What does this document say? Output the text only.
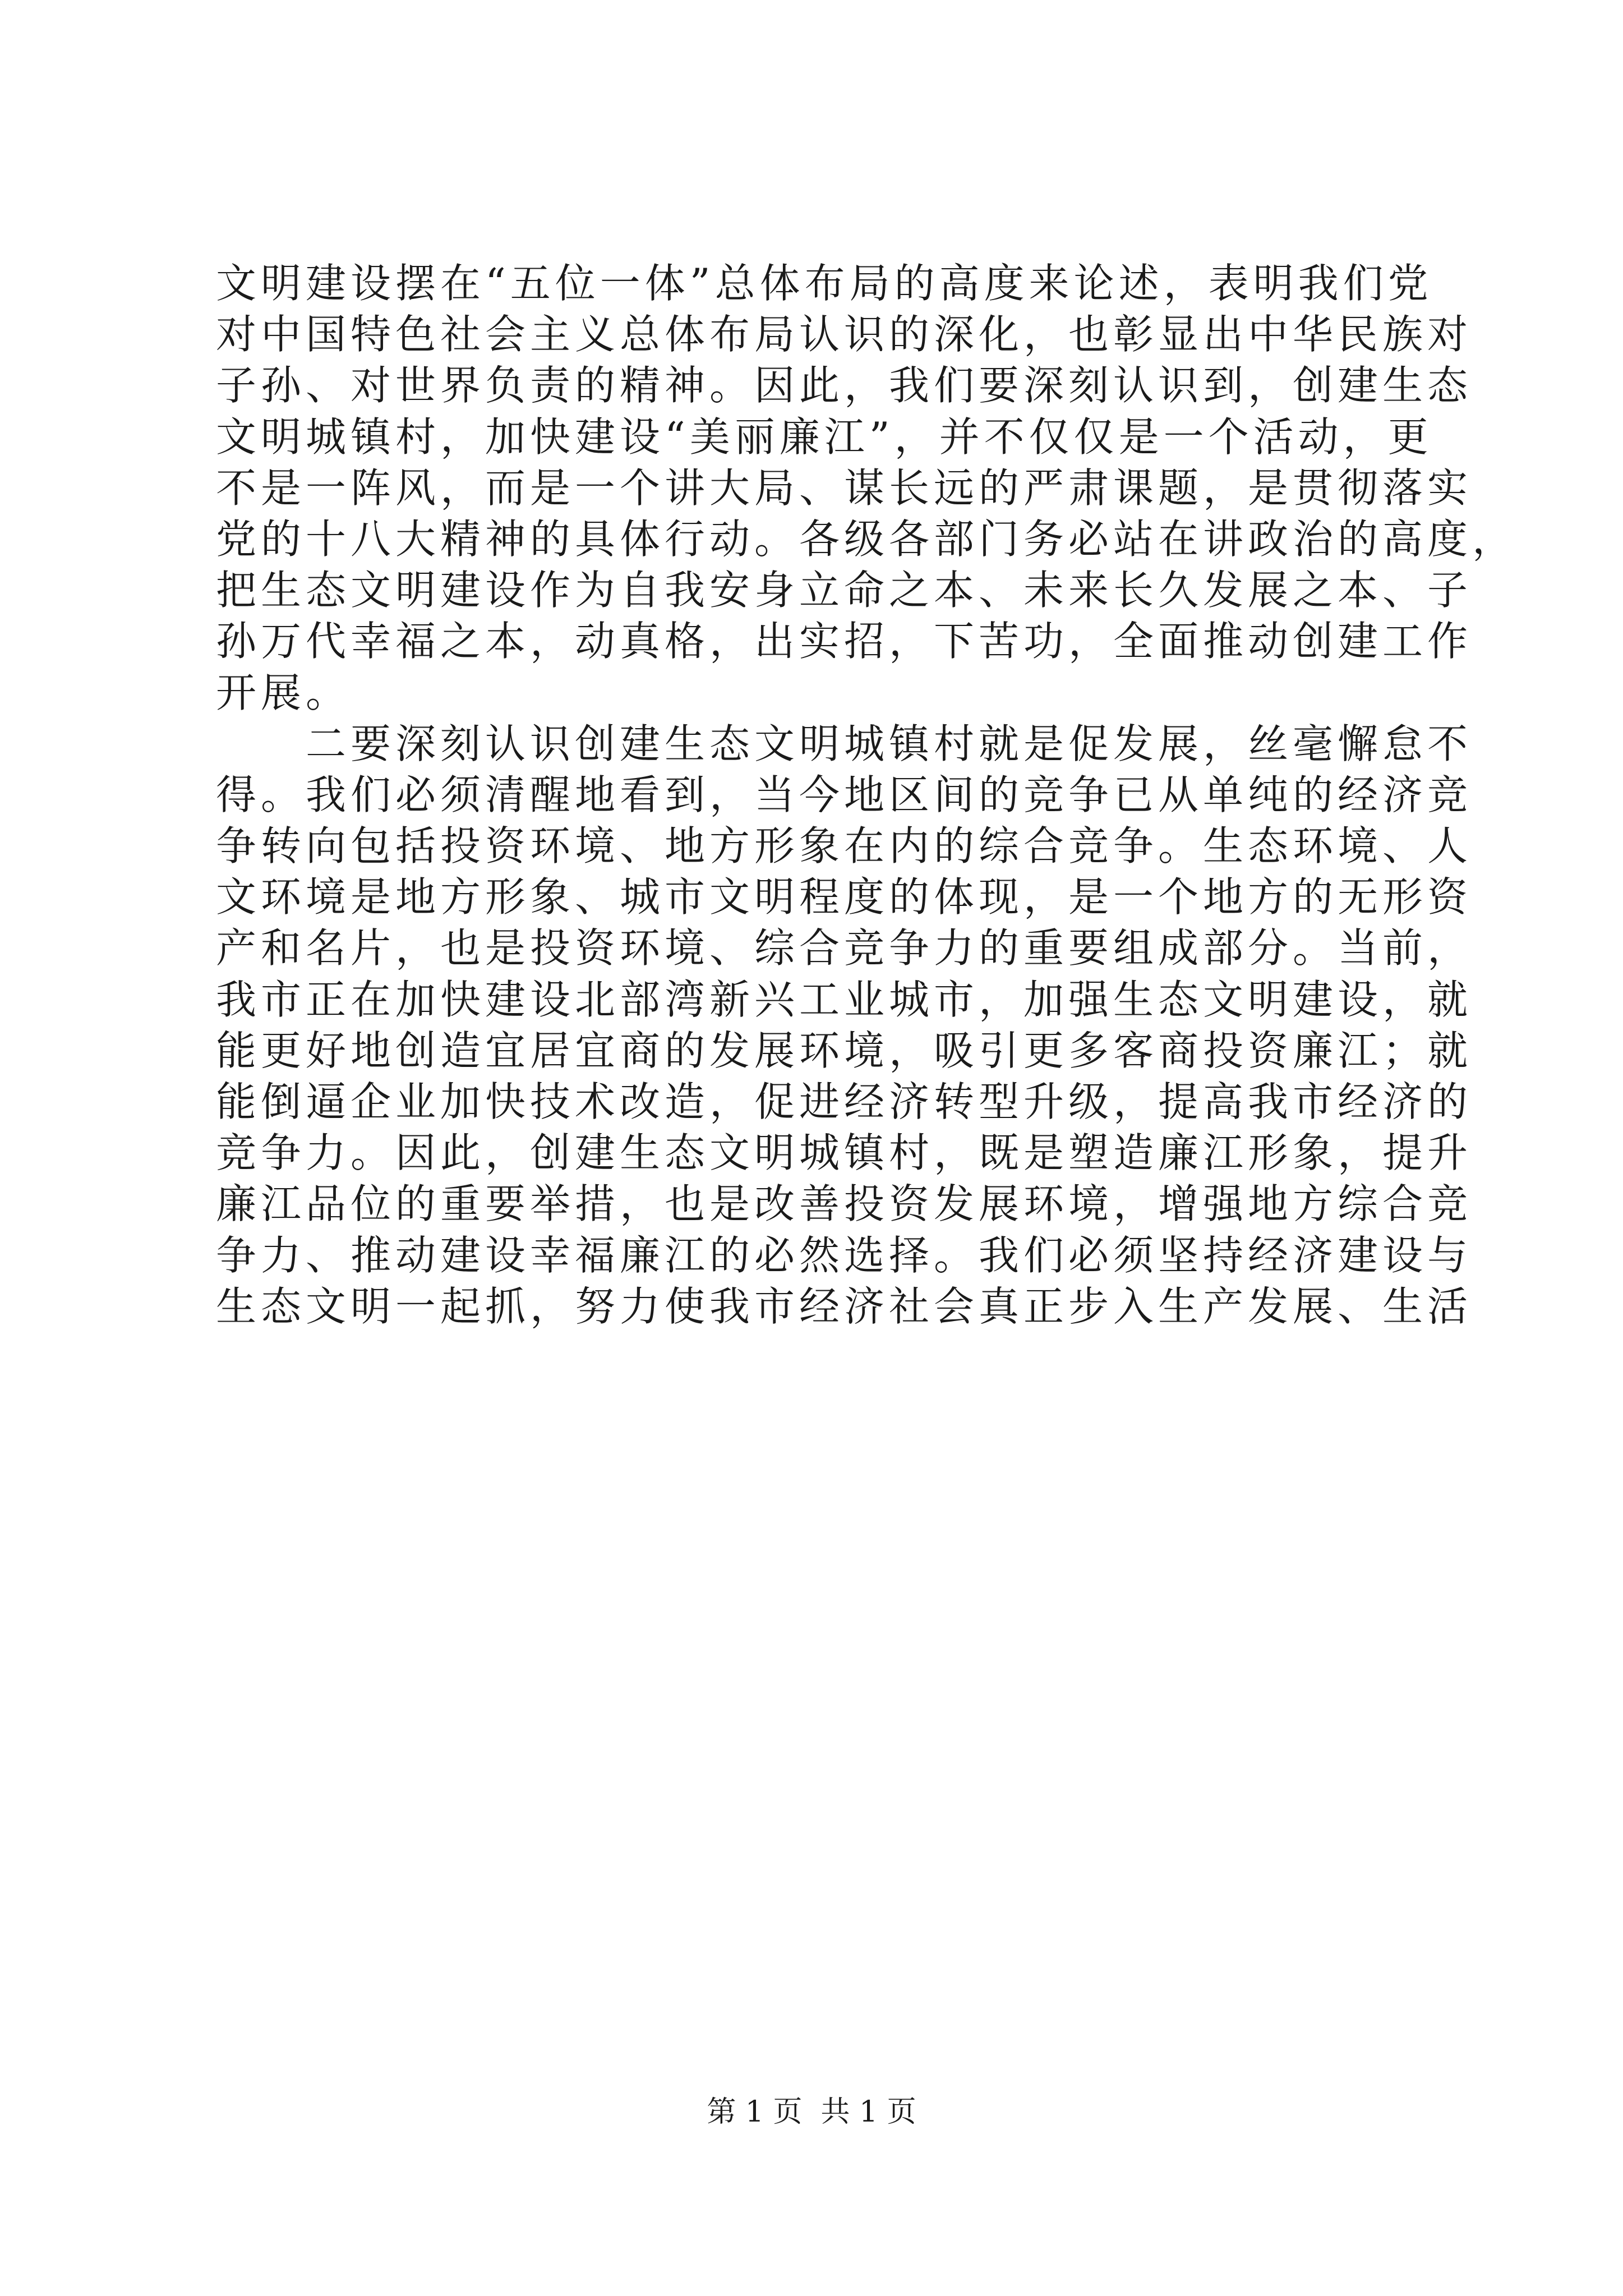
文明建设摆在“五位一体”总体布局的高度来论述，表明我们党
对中国特色社会主义总体布局认识的深化，也彰显出中华民族对
子孙、对世界负责的精神。因此，我们要深刻认识到，创建生态
文明城镇村，加快建设“美丽廉江”，并不仅仅是一个活动，更
不是一阵风，而是一个讲大局、谋长远的严肃课题，是贯彻落实
党的十八大精神的具体行动。各级各部门务必站在讲政治的高度，
把生态文明建设作为自我安身立命之本、未来长久发展之本、子
孙万代幸福之本，动真格，出实招，下苦功，全面推动创建工作
开展。
　　二要深刻认识创建生态文明城镇村就是促发展，丝毫懈怠不
得。我们必须清醒地看到，当今地区间的竞争已从单纯的经济竞
争转向包括投资环境、地方形象在内的综合竞争。生态环境、人
文环境是地方形象、城市文明程度的体现，是一个地方的无形资
产和名片，也是投资环境、综合竞争力的重要组成部分。当前，
我市正在加快建设北部湾新兴工业城市，加强生态文明建设，就
能更好地创造宜居宜商的发展环境，吸引更多客商投资廉江；就
能倒逼企业加快技术改造，促进经济转型升级，提高我市经济的
竞争力。因此，创建生态文明城镇村，既是塑造廉江形象，提升
廉江品位的重要举措，也是改善投资发展环境，增强地方综合竞
争力、推动建设幸福廉江的必然选择。我们必须坚持经济建设与
生态文明一起抓，努力使我市经济社会真正步入生产发展、生活
第 1 页  共 1 页
